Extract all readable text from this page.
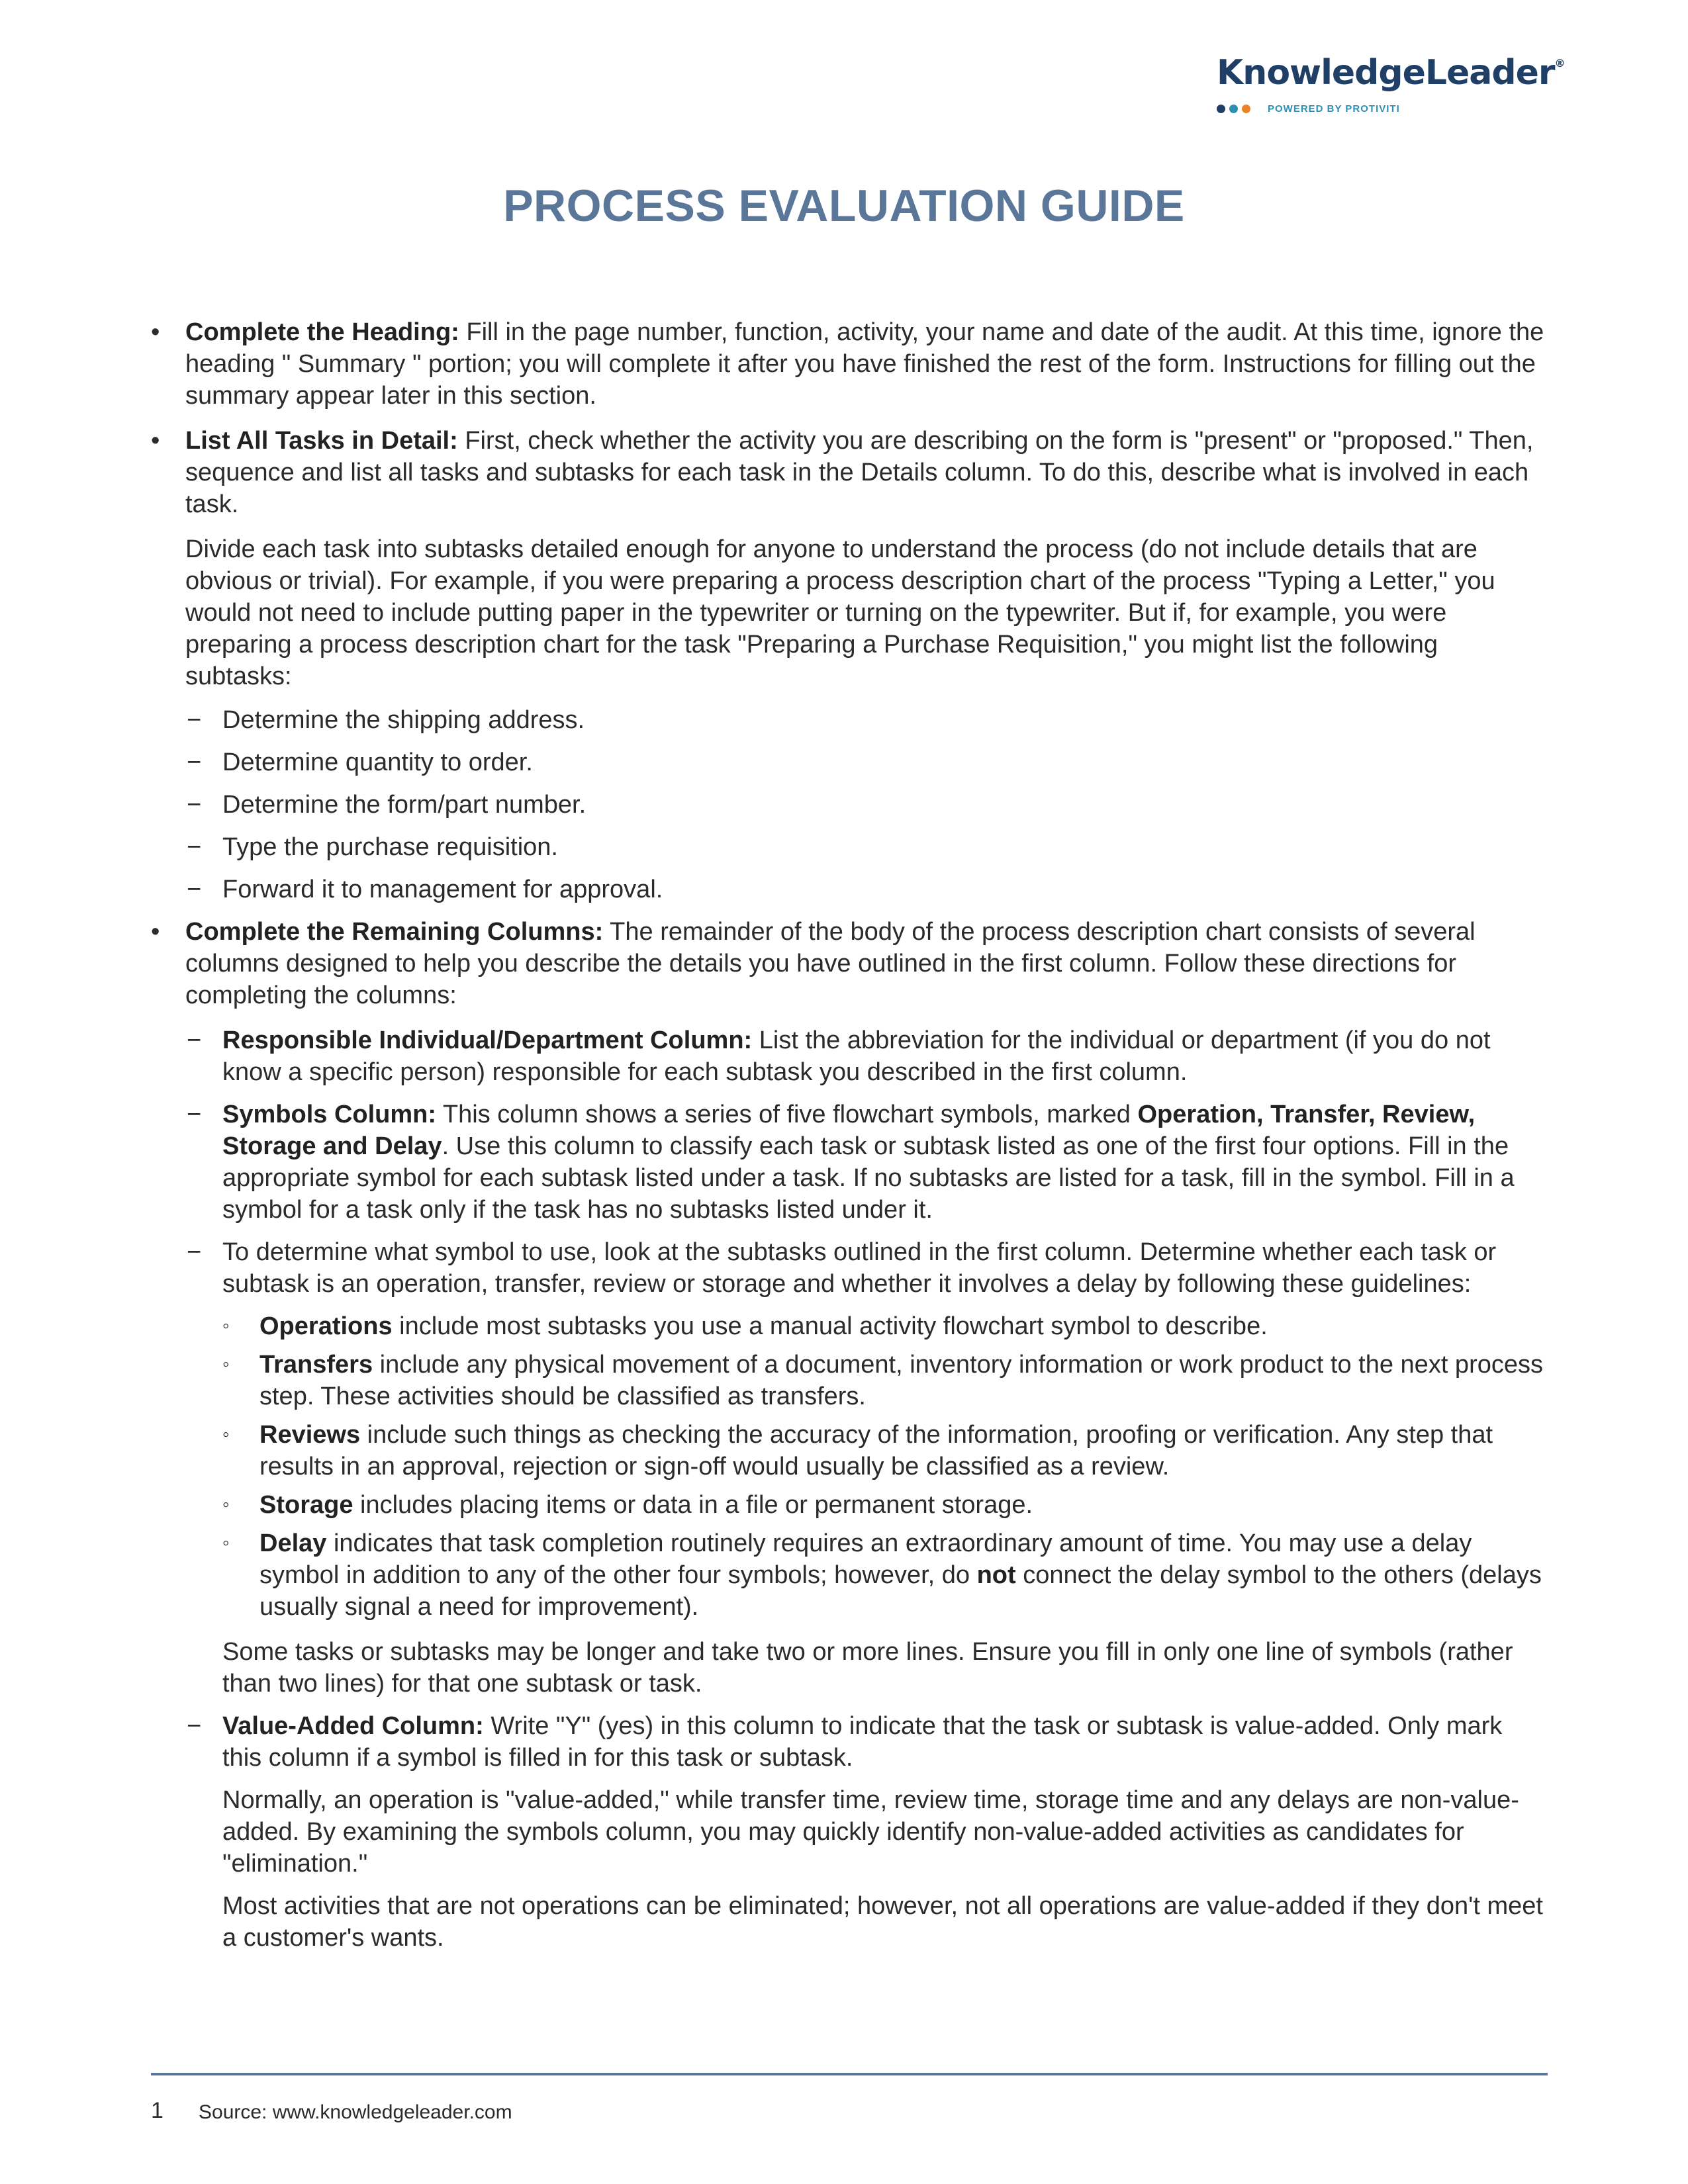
KnowledgeLeader®
POWERED BY PROTIVITI
PROCESS EVALUATION GUIDE
• Complete the Heading: Fill in the page number, function, activity, your name and date of the audit. At this time, ignore the heading " Summary " portion; you will complete it after you have finished the rest of the form. Instructions for filling out the summary appear later in this section.
• List All Tasks in Detail: First, check whether the activity you are describing on the form is "present" or "proposed." Then, sequence and list all tasks and subtasks for each task in the Details column. To do this, describe what is involved in each task.
Divide each task into subtasks detailed enough for anyone to understand the process (do not include details that are obvious or trivial). For example, if you were preparing a process description chart of the process "Typing a Letter," you would not need to include putting paper in the typewriter or turning on the typewriter. But if, for example, you were preparing a process description chart for the task "Preparing a Purchase Requisition," you might list the following subtasks:
− Determine the shipping address.
− Determine quantity to order.
− Determine the form/part number.
− Type the purchase requisition.
− Forward it to management for approval.
• Complete the Remaining Columns: The remainder of the body of the process description chart consists of several columns designed to help you describe the details you have outlined in the first column. Follow these directions for completing the columns:
− Responsible Individual/Department Column: List the abbreviation for the individual or department (if you do not know a specific person) responsible for each subtask you described in the first column.
− Symbols Column: This column shows a series of five flowchart symbols, marked Operation, Transfer, Review, Storage and Delay. Use this column to classify each task or subtask listed as one of the first four options. Fill in the appropriate symbol for each subtask listed under a task. If no subtasks are listed for a task, fill in the symbol. Fill in a symbol for a task only if the task has no subtasks listed under it.
− To determine what symbol to use, look at the subtasks outlined in the first column. Determine whether each task or subtask is an operation, transfer, review or storage and whether it involves a delay by following these guidelines:
◦ Operations include most subtasks you use a manual activity flowchart symbol to describe.
◦ Transfers include any physical movement of a document, inventory information or work product to the next process step. These activities should be classified as transfers.
◦ Reviews include such things as checking the accuracy of the information, proofing or verification. Any step that results in an approval, rejection or sign-off would usually be classified as a review.
◦ Storage includes placing items or data in a file or permanent storage.
◦ Delay indicates that task completion routinely requires an extraordinary amount of time. You may use a delay symbol in addition to any of the other four symbols; however, do not connect the delay symbol to the others (delays usually signal a need for improvement).
Some tasks or subtasks may be longer and take two or more lines. Ensure you fill in only one line of symbols (rather than two lines) for that one subtask or task.
− Value-Added Column: Write "Y" (yes) in this column to indicate that the task or subtask is value-added. Only mark this column if a symbol is filled in for this task or subtask.
Normally, an operation is "value-added," while transfer time, review time, storage time and any delays are non-value-added. By examining the symbols column, you may quickly identify non-value-added activities as candidates for "elimination."
Most activities that are not operations can be eliminated; however, not all operations are value-added if they don't meet a customer's wants.
1 Source: www.knowledgeleader.com
